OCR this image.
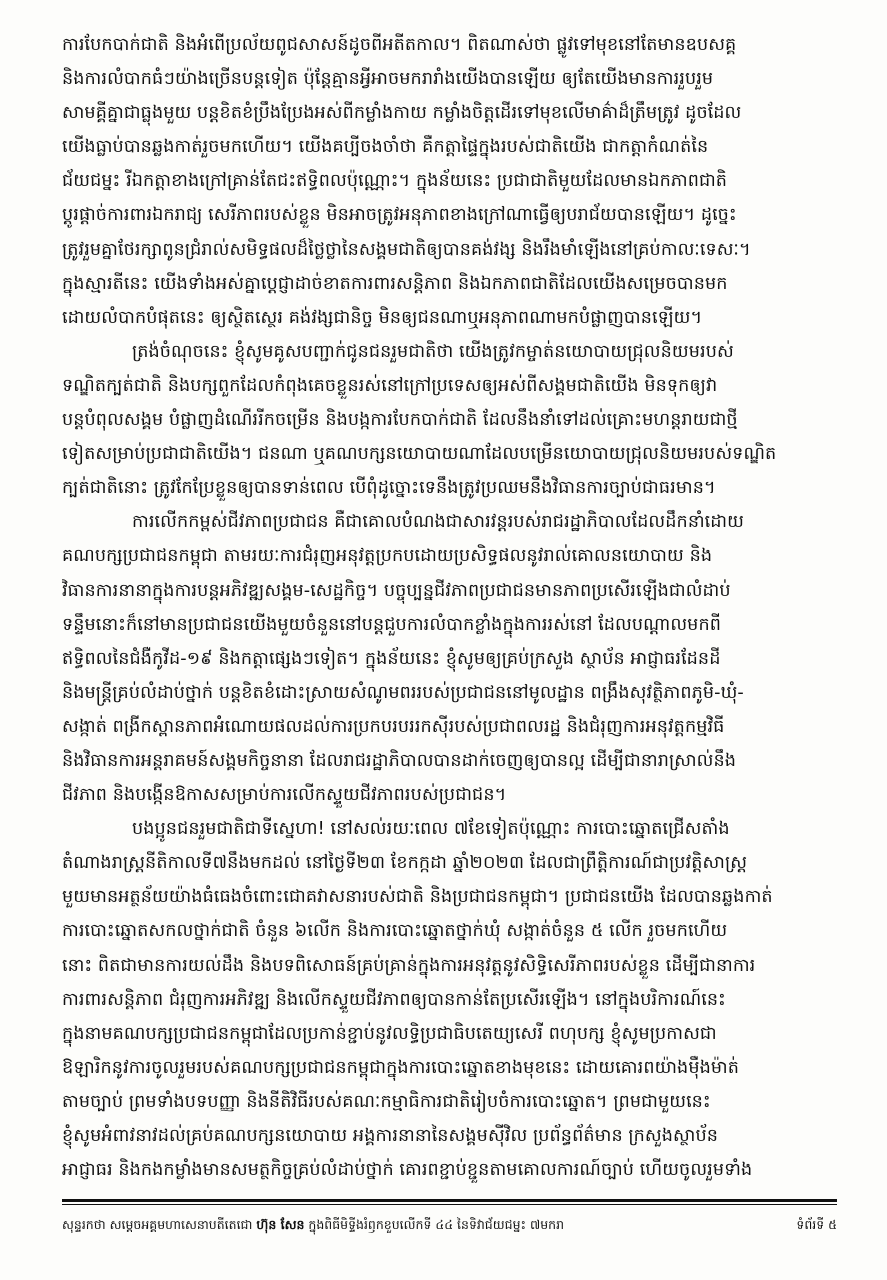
ការបែកបាក់ជាតិ និងអំពើប្រល័យពូជសាសន៍ដូចពីអតីតកាល។ ពិតណាស់ថា ផ្លូវទៅមុខនៅតែមានឧបសគ្គ
និងការលំបាកធំៗយ៉ាងច្រើនបន្តទៀត ប៉ុន្តែគ្មានអ្វីអាចមករារាំងយើងបានឡើយ ឲ្យតែយើងមានការរួបរួម
សាមគ្គីគ្នាជាធ្លុងមួយ បន្តខិតខំប្រឹងប្រែងអស់ពីកម្លាំងកាយ កម្លាំងចិត្តដើរទៅមុខលើមាគ៌ាដ៏ត្រឹមត្រូវ ដូចដែល
យើងធ្លាប់បានឆ្លងកាត់រួចមកហើយ។ យើងគប្បីចងចាំថា គឺកត្តាផ្ទៃក្នុងរបស់ជាតិយើង ជាកត្តាកំណត់នៃ
ជ័យជម្នះ រីឯកត្តាខាងក្រៅគ្រាន់តែជះឥទ្ធិពលប៉ុណ្ណោះ។ ក្នុងន័យនេះ ប្រជាជាតិមួយដែលមានឯកភាពជាតិ
ប្តូរផ្តាច់ការពារឯករាជ្យ សេរីភាពរបស់ខ្លួន មិនអាចត្រូវអនុភាពខាងក្រៅណាធ្វើឲ្យបរាជ័យបានឡើយ។ ដូច្នេះ
ត្រូវរួមគ្នាថែរក្សាពូនជ្រំរាល់សមិទ្ធផលដ៏ថ្លៃថ្លានៃសង្គមជាតិឲ្យបានគង់វង្ស និងរឹងមាំឡើងនៅគ្រប់កាលៈទេសៈ។
ក្នុងស្មារតីនេះ យើងទាំងអស់គ្នាប្តេជ្ញាដាច់ខាតការពារសន្តិភាព និងឯកភាពជាតិដែលយើងសម្រេចបានមក
ដោយលំបាកបំផុតនេះ ឲ្យស្ថិតស្ថេរ គង់វង្សជានិច្ច មិនឲ្យជនណាឬអនុភាពណាមកបំផ្លាញបានឡើយ។
ត្រង់ចំណុចនេះ ខ្ញុំសូមគូសបញ្ជាក់ជូនជនរួមជាតិថា យើងត្រូវកម្ចាត់នយោបាយជ្រុលនិយមរបស់
ទណ្ឌិតក្បត់ជាតិ និងបក្សពួកដែលកំពុងគេចខ្លួនរស់នៅក្រៅប្រទេសឲ្យអស់ពីសង្គមជាតិយើង មិនទុកឲ្យវា
បន្តបំពុលសង្គម បំផ្លាញដំណើររីកចម្រើន និងបង្កការបែកបាក់ជាតិ ដែលនឹងនាំទៅដល់គ្រោះមហន្តរាយជាថ្មី
ទៀតសម្រាប់ប្រជាជាតិយើង។ ជនណា ឬគណបក្សនយោបាយណាដែលបម្រើនយោបាយជ្រុលនិយមរបស់ទណ្ឌិត
ក្បត់ជាតិនោះ ត្រូវកែប្រែខ្លួនឲ្យបានទាន់ពេល បើពុំដូច្នោះទេនឹងត្រូវប្រឈមនឹងវិធានការច្បាប់ជាធរមាន។
ការលើកកម្ពស់ជីវភាពប្រជាជន គឺជាគោលបំណងជាសារវន្តរបស់រាជរដ្ឋាភិបាលដែលដឹកនាំដោយ
គណបក្សប្រជាជនកម្ពុជា តាមរយៈការជំរុញអនុវត្តប្រកបដោយប្រសិទ្ធផលនូវរាល់គោលនយោបាយ និង
វិធានការនានាក្នុងការបន្តអភិវឌ្ឍសង្គម-សេដ្ឋកិច្ច។ បច្ចុប្បន្នជីវភាពប្រជាជនមានភាពប្រសើរឡើងជាលំដាប់
ទន្ទឹមនោះក៏នៅមានប្រជាជនយើងមួយចំនួននៅបន្តជួបការលំបាកខ្លាំងក្នុងការរស់នៅ ដែលបណ្តាលមកពី
ឥទ្ធិពលនៃជំងឺកូវីដ-១៩ និងកត្តាផ្សេងៗទៀត។ ក្នុងន័យនេះ ខ្ញុំសូមឲ្យគ្រប់ក្រសួង ស្ថាប័ន អាជ្ញាធរដែនដី
និងមន្ត្រីគ្រប់លំដាប់ថ្នាក់ បន្តខិតខំដោះស្រាយសំណូមពររបស់ប្រជាជននៅមូលដ្ឋាន ពង្រឹងសុវត្ថិភាពភូមិ-ឃុំ-
សង្កាត់ ពង្រីកស្ពានភាពអំណោយផលដល់ការប្រកបរបររកស៊ីរបស់ប្រជាពលរដ្ឋ និងជំរុញការអនុវត្តកម្មវិធី
និងវិធានការអន្តរាគមន៍សង្គមកិច្ចនានា ដែលរាជរដ្ឋាភិបាលបានដាក់ចេញឲ្យបានល្អ ដើម្បីជានារាស្រាល់នឹង
ជីវភាព និងបង្កើនឱកាសសម្រាប់ការលើកស្ទួយជីវភាពរបស់ប្រជាជន។
បងប្អូនជនរួមជាតិជាទីស្នេហា! នៅសល់រយៈពេល ៧ខែទៀតប៉ុណ្ណោះ ការបោះឆ្នោតជ្រើសតាំង
តំណាងរាស្ត្រនីតិកាលទី៧នឹងមកដល់ នៅថ្ងៃទី២៣ ខែកក្កដា ឆ្នាំ២០២៣ ដែលជាព្រឹត្តិការណ៍ជាប្រវត្តិសាស្ត្រ
មួយមានអត្ថន័យយ៉ាងធំធេងចំពោះជោគវាសនារបស់ជាតិ និងប្រជាជនកម្ពុជា។ ប្រជាជនយើង ដែលបានឆ្លងកាត់
ការបោះឆ្នោតសកលថ្នាក់ជាតិ ចំនួន ៦លើក និងការបោះឆ្នោតថ្នាក់ឃុំ សង្កាត់ចំនួន ៥ លើក រួចមកហើយ
នោះ ពិតជាមានការយល់ដឹង និងបទពិសោធន៍គ្រប់គ្រាន់ក្នុងការអនុវត្តនូវសិទ្ធិសេរីភាពរបស់ខ្លួន ដើម្បីជានាការ
ការពារសន្តិភាព ជំរុញការអភិវឌ្ឍ និងលើកស្ទួយជីវភាពឲ្យបានកាន់តែប្រសើរឡើង។ នៅក្នុងបរិការណ៍នេះ
ក្នុងនាមគណបក្សប្រជាជនកម្ពុជាដែលប្រកាន់ខ្ជាប់នូវលទ្ធិប្រជាធិបតេយ្យសេរី ពហុបក្ស ខ្ញុំសូមប្រកាសជា
ឱឡារិកនូវការចូលរួមរបស់គណបក្សប្រជាជនកម្ពុជាក្នុងការបោះឆ្នោតខាងមុខនេះ ដោយគោរពយ៉ាងម៉ឺងម៉ាត់
តាមច្បាប់ ព្រមទាំងបទបញ្ញា និងនីតិវិធីរបស់គណៈកម្មាធិការជាតិរៀបចំការបោះឆ្នោត។ ព្រមជាមួយនេះ
ខ្ញុំសូមអំពាវនាវដល់គ្រប់គណបក្សនយោបាយ អង្គការនានានៃសង្គមស៊ីវិល ប្រព័ន្ធព័ត៌មាន ក្រសួងស្ថាប័ន
អាជ្ញាធរ និងកងកម្លាំងមានសមត្ថកិច្ចគ្រប់លំដាប់ថ្នាក់ គោរពខ្ជាប់ខ្ជួនតាមគោលការណ៍ច្បាប់ ហើយចូលរួមទាំង
សុន្ទរកថា សម្តេចអគ្គមហាសេនាបតីតេជោ ហ៊ុន សែន ក្នុងពិធីមិទ្ទីងរំឭកខួបលើកទី ៤៤ នៃទិវាជ័យជម្នះ ៧មករា	ទំព័រទី ៥
